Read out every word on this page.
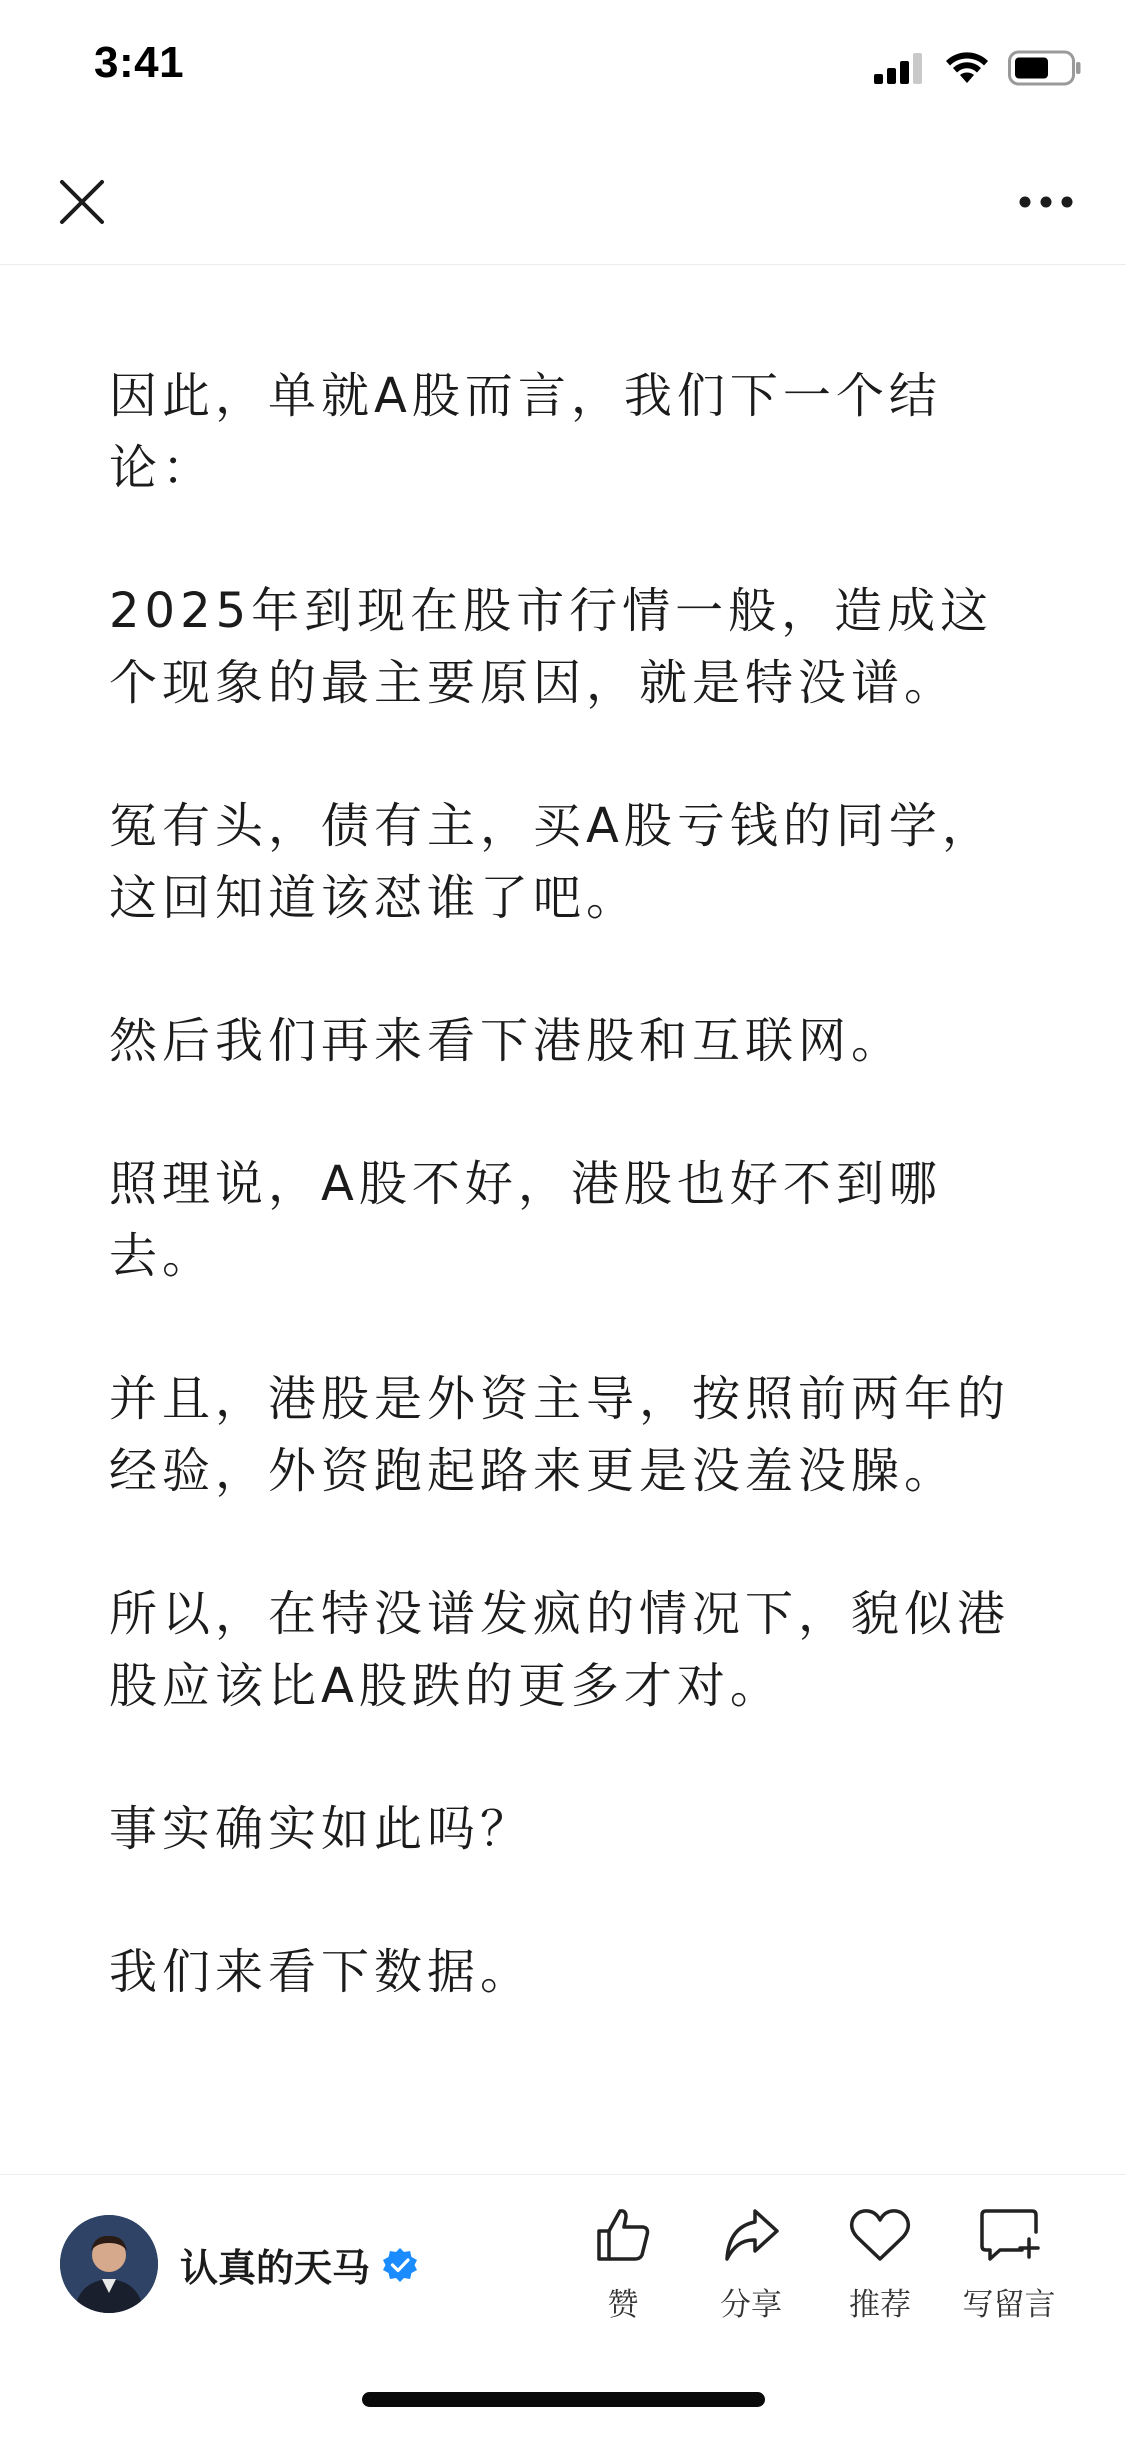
3:41

因此，单就A股而言，我们下一个结论：

2025年到现在股市行情一般，造成这个现象的最主要原因，就是特没谱。

冤有头，债有主，买A股亏钱的同学，这回知道该怼谁了吧。

然后我们再来看下港股和互联网。

照理说，A股不好，港股也好不到哪去。

并且，港股是外资主导，按照前两年的经验，外资跑起路来更是没羞没臊。

所以，在特没谱发疯的情况下，貌似港股应该比A股跌的更多才对。

事实确实如此吗？

我们来看下数据。

认真的天马
赞	分享 推荐 写留言
